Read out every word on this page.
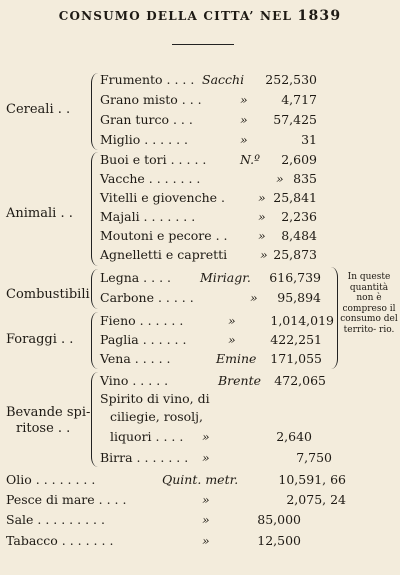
CONSUMO DELLA CITTA’ NEL 1839
Cereali . .
Frumento . . . . Sacchi 252,530
Grano misto . . .	»	4,717
Gran turco . . .	» 57,425
Miglio . . . . . .	»	31
Animali . .
Buoi e tori . . . . .	N.º 2,609
Vacche . . . . . . .	» 835
Vitelli e giovenche .	» 25,841
Majali . . . . . . .	» 2,236
Moutoni e pecore . . » 8,484
Agnelletti e capretti	» 25,873
Combustibili
Legna . . . . Miriagr. 616,739
Carbone . . . . .	» 95,894
Foraggi . .
Fieno . . . . . .	»	1,014,019
Paglia . . . . . .	»	422,251
Vena . . . . .	Emine 171,055
In queste quantità non è compreso il consumo del territo- rio.
Bevande spi-
ritose . .
Vino . . . . .	Brente 472,065
Spirito di vino, di
ciliegie, rosolj,
liquori . . . . »	2,640
Birra . . . . . . . »	7,750
Olio . . . . . . . .	Quint. metr.	10,591, 66
Pesce di mare . . . .	»	2,075, 24
Sale . . . . . . . . .	»	85,000
Tabacco . . . . . . .	»	12,500
